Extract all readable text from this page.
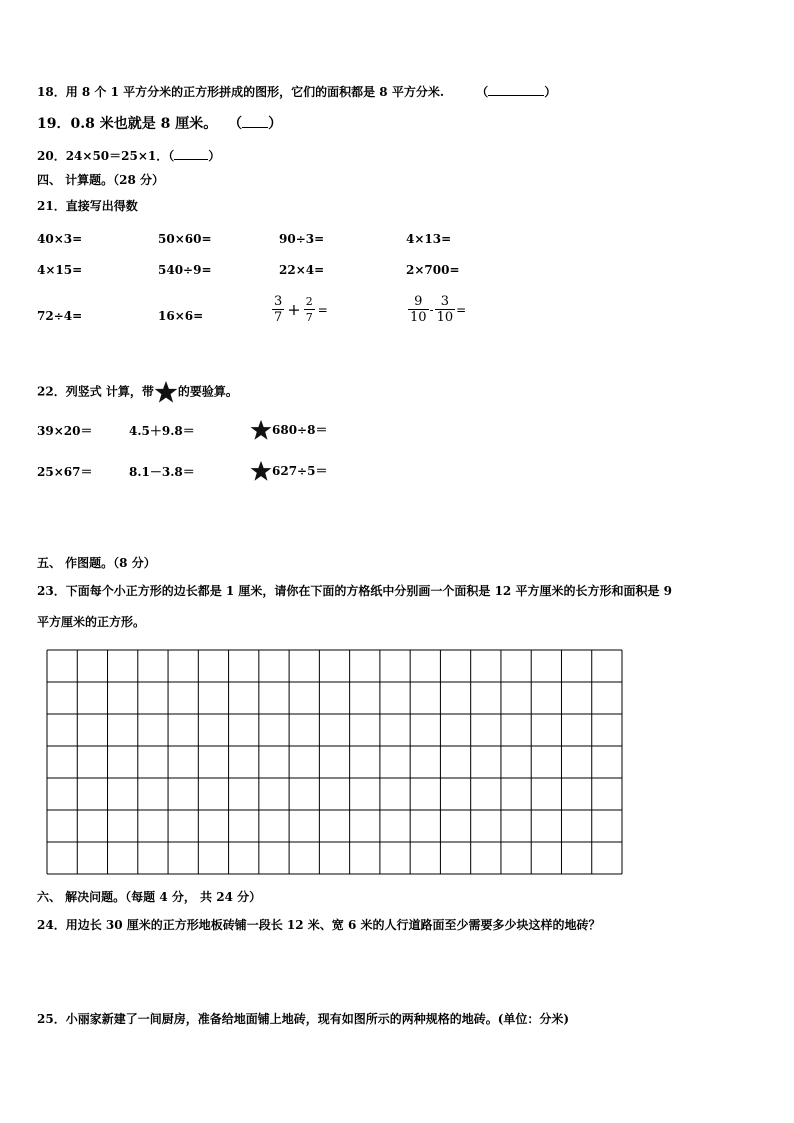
18．用 8 个 1 平方分米的正方形拼成的图形，它们的面积都是 8 平方分米.	（	）
19．0.8 米也就是 8 厘米。 （ ）
20．24×50＝25×1．（	）
四、 计算题。（28 分）
21．直接写出得数
40×3=	50×60=	90÷3=	4×13=
4×15=	540÷9=	22×4=	2×700=
72÷4=	16×6=	$\frac{3}{7} + \frac{2}{7}$ =	$\frac{9}{10} - \frac{3}{10}$ =
22．列竖式 计算，带 的要验算。
39×20＝	4.5＋9.8＝	680÷8＝
25×67＝	8.1－3.8＝	627÷5＝
五、 作图题。（8 分）
23．下面每个小正方形的边长都是 1 厘米，请你在下面的方格纸中分别画一个面积是 12 平方厘米的长方形和面积是 9
平方厘米的正方形。
六、 解决问题。（每题 4 分， 共 24 分）
24．用边长 30 厘米的正方形地板砖铺一段长 12 米、宽 6 米的人行道路面至少需要多少块这样的地砖？
25．小丽家新建了一间厨房，准备给地面铺上地砖，现有如图所示的两种规格的地砖。(单位：分米)
